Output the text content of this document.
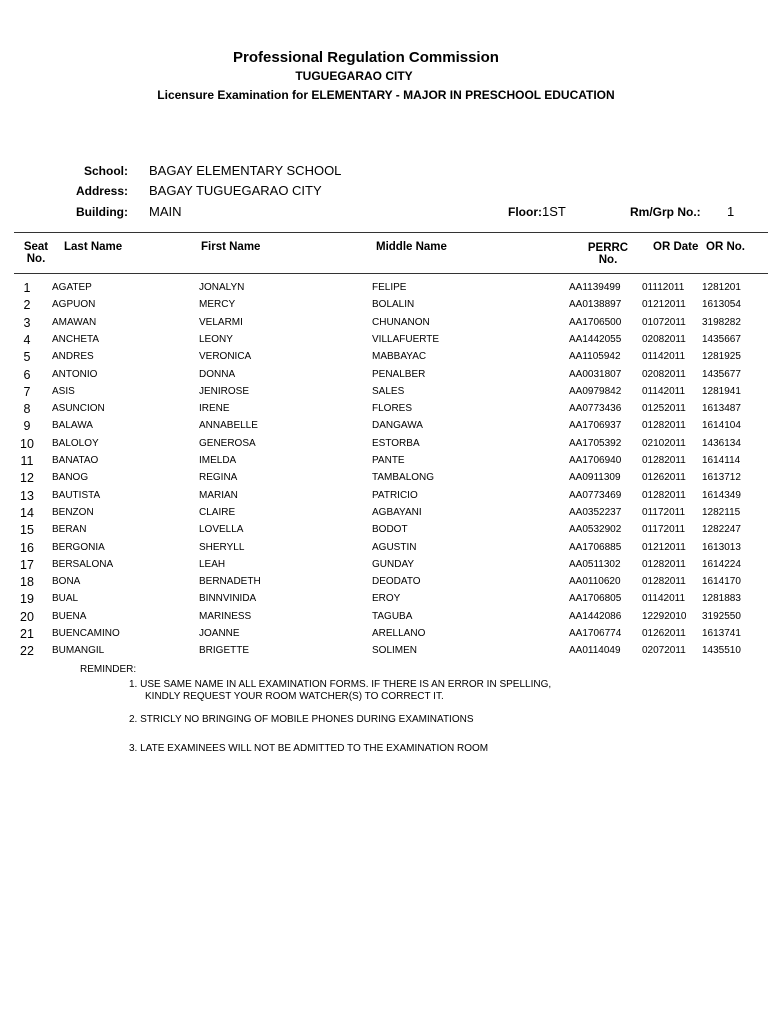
Professional Regulation Commission
TUGUEGARAO CITY
Licensure Examination for ELEMENTARY - MAJOR IN PRESCHOOL EDUCATION
School: BAGAY ELEMENTARY SCHOOL
Address: BAGAY TUGUEGARAO CITY
Building: MAIN	Floor:1ST	Rm/Grp No.: 1
Seat
No.
Last Name	First Name	Middle Name	PERRC
No.
OR Date OR No.
1	AGATEP	JONALYN	FELIPE	AA1139499 01112011 1281201
2	AGPUON	MERCY	BOLALIN	AA0138897 01212011 1613054
3	AMAWAN	VELARMI	CHUNANON	AA1706500 01072011 3198282
4	ANCHETA	LEONY	VILLAFUERTE	AA1442055 02082011 1435667
5	ANDRES	VERONICA	MABBAYAC	AA1105942 01142011 1281925
6	ANTONIO	DONNA	PENALBER	AA0031807 02082011 1435677
7	ASIS	JENIROSE	SALES	AA0979842 01142011 1281941
8	ASUNCION	IRENE	FLORES	AA0773436 01252011 1613487
9	BALAWA	ANNABELLE	DANGAWA	AA1706937 01282011 1614104
10	BALOLOY	GENEROSA	ESTORBA	AA1705392 02102011 1436134
11	BANATAO	IMELDA	PANTE	AA1706940 01282011 1614114
12	BANOG	REGINA	TAMBALONG	AA0911309 01262011 1613712
13	BAUTISTA	MARIAN	PATRICIO	AA0773469 01282011 1614349
14	BENZON	CLAIRE	AGBAYANI	AA0352237 01172011 1282115
15	BERAN	LOVELLA	BODOT	AA0532902 01172011 1282247
16	BERGONIA	SHERYLL	AGUSTIN	AA1706885 01212011 1613013
17	BERSALONA	LEAH	GUNDAY	AA0511302 01282011 1614224
18	BONA	BERNADETH	DEODATO	AA0110620 01282011 1614170
19	BUAL	BINNVINIDA	EROY	AA1706805 01142011 1281883
20	BUENA	MARINESS	TAGUBA	AA1442086 12292010 3192550
21	BUENCAMINO	JOANNE	ARELLANO	AA1706774 01262011 1613741
22	BUMANGIL	BRIGETTE	SOLIMEN	AA0114049 02072011 1435510
REMINDER:
1. USE SAME NAME IN ALL EXAMINATION FORMS. IF THERE IS AN ERROR IN SPELLING,
KINDLY REQUEST YOUR ROOM WATCHER(S) TO CORRECT IT.
2. STRICLY NO BRINGING OF MOBILE PHONES DURING EXAMINATIONS
3. LATE EXAMINEES WILL NOT BE ADMITTED TO THE EXAMINATION ROOM
